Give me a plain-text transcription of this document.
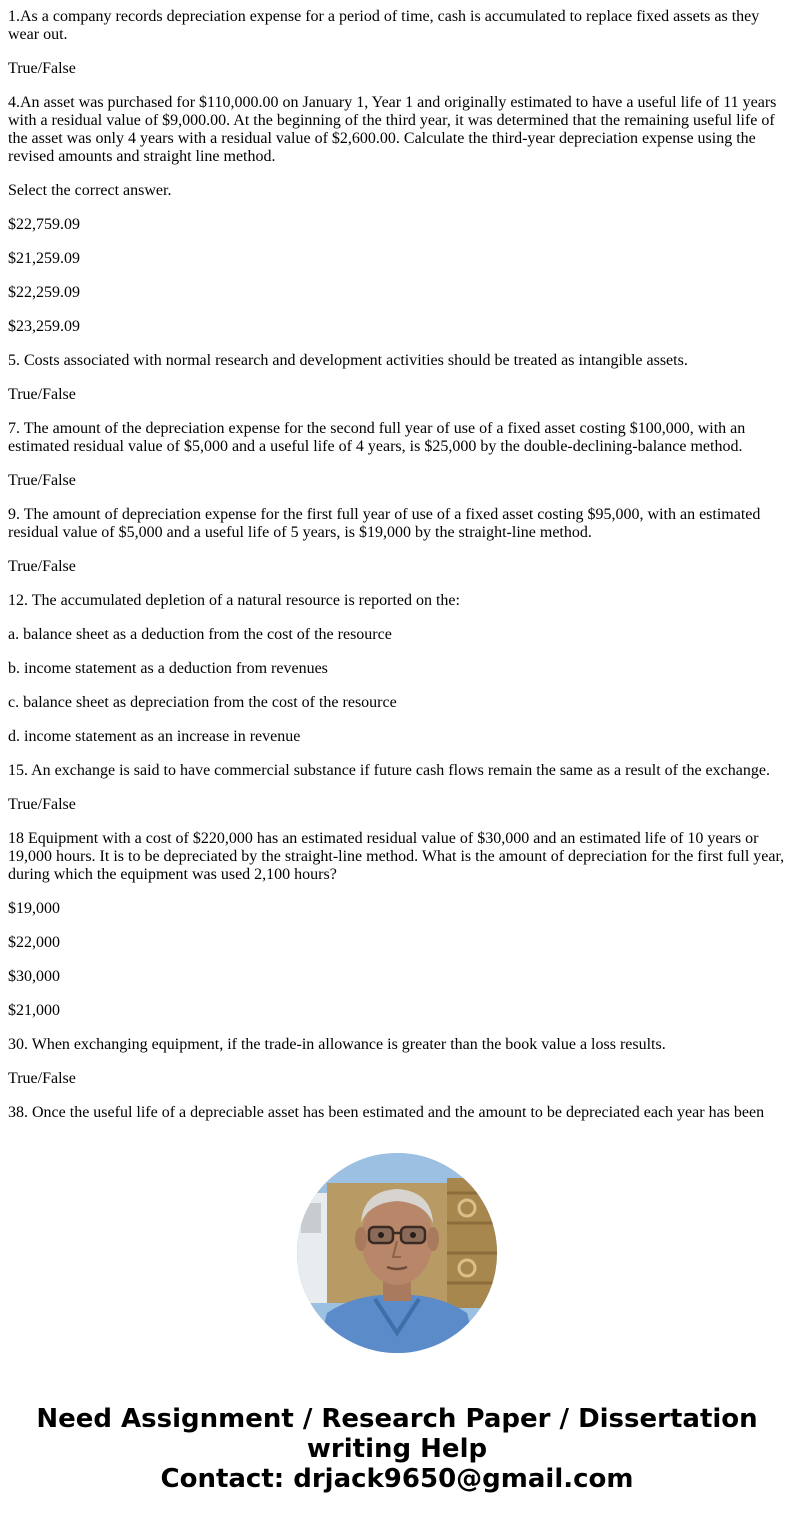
1.As a company records depreciation expense for a period of time, cash is accumulated to replace fixed assets as they wear out.

True/False

4.An asset was purchased for $110,000.00 on January 1, Year 1 and originally estimated to have a useful life of 11 years with a residual value of $9,000.00. At the beginning of the third year, it was determined that the remaining useful life of the asset was only 4 years with a residual value of $2,600.00. Calculate the third-year depreciation expense using the revised amounts and straight line method.

Select the correct answer.

$22,759.09

$21,259.09

$22,259.09

$23,259.09

5. Costs associated with normal research and development activities should be treated as intangible assets.

True/False

7. The amount of the depreciation expense for the second full year of use of a fixed asset costing $100,000, with an estimated residual value of $5,000 and a useful life of 4 years, is $25,000 by the double-declining-balance method.

True/False

9. The amount of depreciation expense for the first full year of use of a fixed asset costing $95,000, with an estimated residual value of $5,000 and a useful life of 5 years, is $19,000 by the straight-line method.

True/False

12. The accumulated depletion of a natural resource is reported on the:

a. balance sheet as a deduction from the cost of the resource

b. income statement as a deduction from revenues

c. balance sheet as depreciation from the cost of the resource

d. income statement as an increase in revenue

15. An exchange is said to have commercial substance if future cash flows remain the same as a result of the exchange.

True/False

18 Equipment with a cost of $220,000 has an estimated residual value of $30,000 and an estimated life of 10 years or 19,000 hours. It is to be depreciated by the straight-line method. What is the amount of depreciation for the first full year, during which the equipment was used 2,100 hours?

$19,000

$22,000

$30,000

$21,000

30. When exchanging equipment, if the trade-in allowance is greater than the book value a loss results.

True/False

38. Once the useful life of a depreciable asset has been estimated and the amount to be depreciated each year has been

Need Assignment / Research Paper / Dissertation
writing Help
Contact: drjack9650@gmail.com
